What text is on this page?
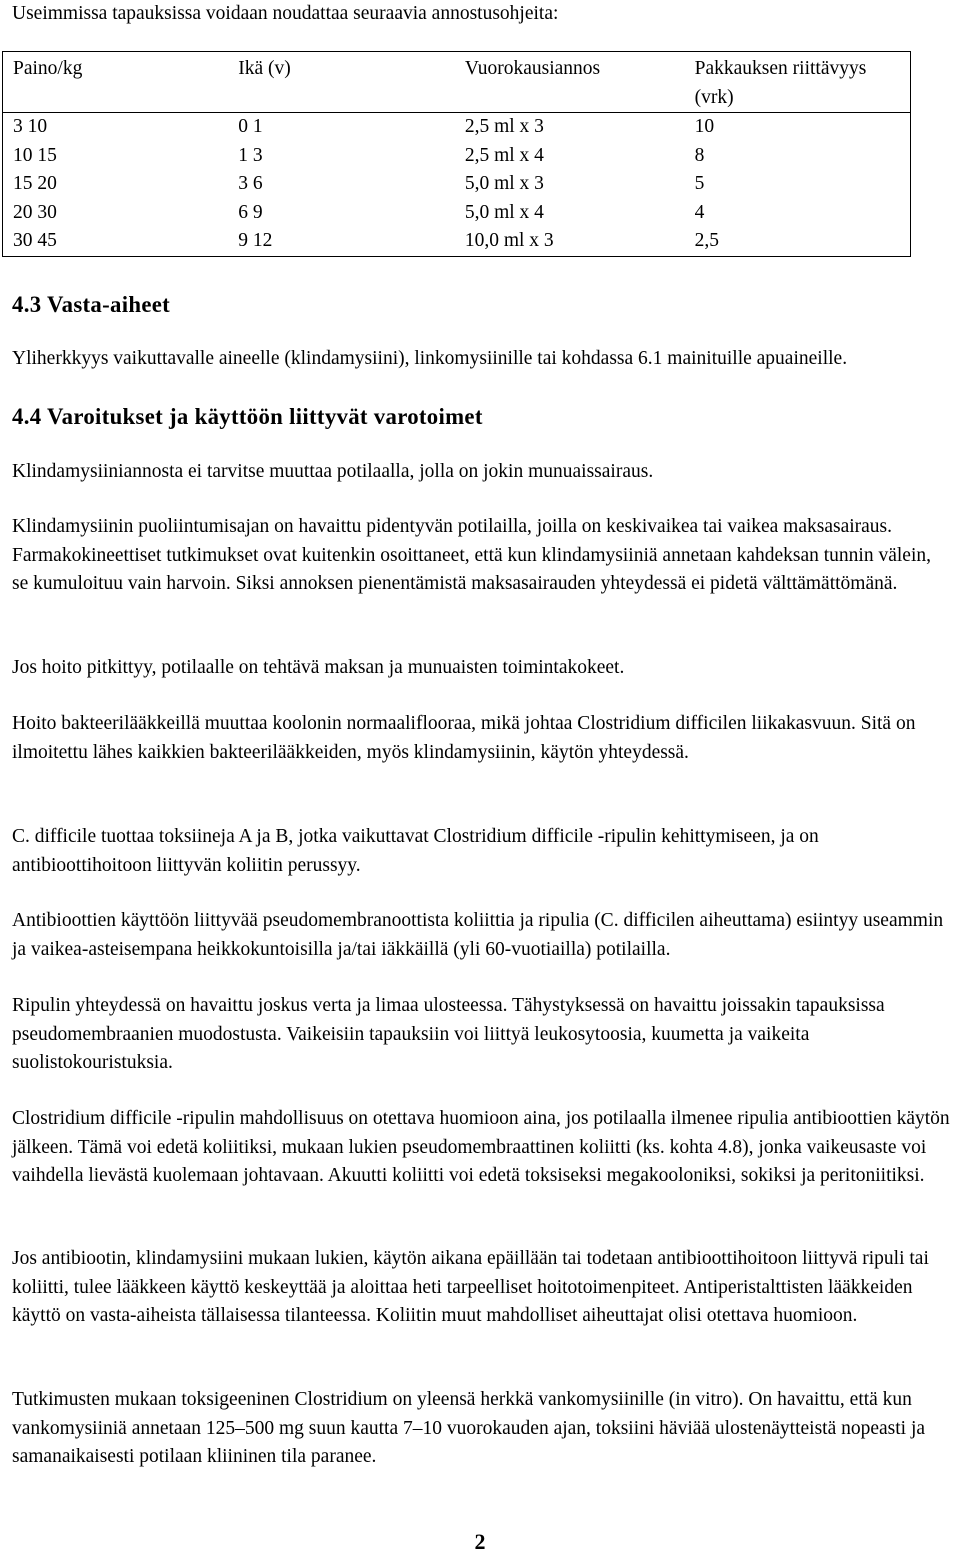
Useimmissa tapauksissa voidaan noudattaa seuraavia annostusohjeita:

Paino/kg	Ikä (v)	Vuorokausiannos	Pakkauksen riittävyys (vrk)
3 10	0 1	2,5 ml x 3	10
10 15	1 3	2,5 ml x 4	8
15 20	3 6	5,0 ml x 3	5
20 30	6 9	5,0 ml x 4	4
30 45	9 12	10,0 ml x 3	2,5
4.3 Vasta-aiheet

Yliherkkyys vaikuttavalle aineelle (klindamysiini), linkomysiinille tai kohdassa 6.1 mainituille apuaineille.

4.4 Varoitukset ja käyttöön liittyvät varotoimet

Klindamysiiniannosta ei tarvitse muuttaa potilaalla, jolla on jokin munuaissairaus.

Klindamysiinin puoliintumisajan on havaittu pidentyvän potilailla, joilla on keskivaikea tai vaikea maksasairaus. Farmakokineettiset tutkimukset ovat kuitenkin osoittaneet, että kun klindamysiiniä annetaan kahdeksan tunnin välein, se kumuloituu vain harvoin. Siksi annoksen pienentämistä maksasairauden yhteydessä ei pidetä välttämättömänä.

Jos hoito pitkittyy, potilaalle on tehtävä maksan ja munuaisten toimintakokeet.

Hoito bakteerilääkkeillä muuttaa koolonin normaaliflooraa, mikä johtaa Clostridium difficilen liikakasvuun. Sitä on ilmoitettu lähes kaikkien bakteerilääkkeiden, myös klindamysiinin, käytön yhteydessä.

C. difficile tuottaa toksiineja A ja B, jotka vaikuttavat Clostridium difficile -ripulin kehittymiseen, ja on antibioottihoitoon liittyvän koliitin perussyy.

Antibioottien käyttöön liittyvää pseudomembranoottista koliittia ja ripulia (C. difficilen aiheuttama) esiintyy useammin ja vaikea-asteisempana heikkokuntoisilla ja/tai iäkkäillä (yli 60-vuotiailla) potilailla.

Ripulin yhteydessä on havaittu joskus verta ja limaa ulosteessa. Tähystyksessä on havaittu joissakin tapauksissa pseudomembraanien muodostusta. Vaikeisiin tapauksiin voi liittyä leukosytoosia, kuumetta ja vaikeita suolistokouristuksia.

Clostridium difficile -ripulin mahdollisuus on otettava huomioon aina, jos potilaalla ilmenee ripulia antibioottien käytön jälkeen. Tämä voi edetä koliitiksi, mukaan lukien pseudomembraattinen koliitti (ks. kohta 4.8), jonka vaikeusaste voi vaihdella lievästä kuolemaan johtavaan. Akuutti koliitti voi edetä toksiseksi megakooloniksi, sokiksi ja peritoniitiksi.

Jos antibiootin, klindamysiini mukaan lukien, käytön aikana epäillään tai todetaan antibioottihoitoon liittyvä ripuli tai koliitti, tulee lääkkeen käyttö keskeyttää ja aloittaa heti tarpeelliset hoitotoimenpiteet. Antiperistalttisten lääkkeiden käyttö on vasta-aiheista tällaisessa tilanteessa. Koliitin muut mahdolliset aiheuttajat olisi otettava huomioon.

Tutkimusten mukaan toksigeeninen Clostridium on yleensä herkkä vankomysiinille (in vitro). On havaittu, että kun vankomysiiniä annetaan 125–500 mg suun kautta 7–10 vuorokauden ajan, toksiini häviää ulostenäytteistä nopeasti ja samanaikaisesti potilaan kliininen tila paranee.

2
